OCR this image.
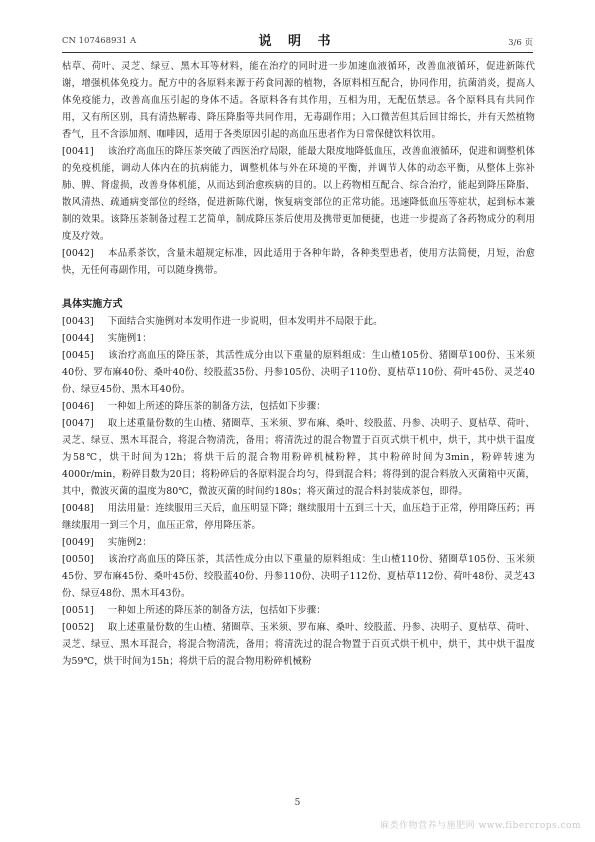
CN 107468931 A	说 明 书	3/6 页

枯草、荷叶、灵芝、绿豆、黑木耳等材料，能在治疗的同时进一步加速血液循环，改善血液循环，促进新陈代谢，增强机体免疫力。配方中的各原料来源于药食同源的植物，各原料相互配合，协同作用，抗菌消炎，提高人体免疫能力，改善高血压引起的身体不适。各原料各有其作用，互相为用，无配伍禁忌。各个原料具有共同作用，又有所区别，具有清热解毒、降压降脂等共同作用，无毒副作用；入口微苦但其后回甘绵长，并有天然植物香气，且不含添加剂、咖啡因，适用于各类原因引起的高血压患者作为日常保健饮料饮用。

[0041] 该治疗高血压的降压茶突破了西医治疗局限，能最大限度地降低血压，改善血液循环，促进和调整机体的免疫机能，调动人体内在的抗病能力，调整机体与外在环境的平衡，并调节人体的动态平衡，从整体上弥补肺、脾、肾虚损，改善身体机能，从而达到治愈疾病的目的。以上药物相互配合、综合治疗，能起到降压降脂、散风清热、疏通病变部位的经络，促进新陈代谢，恢复病变部位的正常功能。迅速降低血压等症状，起到标本兼制的效果。该降压茶制备过程工艺简单，制成降压茶后使用及携带更加便捷，也进一步提高了各药物成分的利用度及疗效。

[0042] 本品系茶饮，含量未超规定标准，因此适用于各种年龄，各种类型患者，使用方法简便，月短，治愈快，无任何毒副作用，可以随身携带。

具体实施方式

[0043] 下面结合实施例对本发明作进一步说明，但本发明并不局限于此。

[0044] 实施例1：

[0045] 该治疗高血压的降压茶，其活性成分由以下重量的原料组成：生山楂105份、猪圈草100份、玉米须40份、罗布麻40份、桑叶40份、绞股蓝35份、丹参105份、决明子110份、夏枯草110份、荷叶45份、灵芝40份、绿豆45份、黑木耳40份。

[0046] 一种如上所述的降压茶的制备方法，包括如下步骤：

[0047] 取上述重量份数的生山楂、猪圈草、玉米须、罗布麻、桑叶、绞股蓝、丹参、决明子、夏枯草、荷叶、灵芝、绿豆、黑木耳混合，将混合物清洗，备用；将清洗过的混合物置于百页式烘干机中，烘干，其中烘干温度为58℃，烘干时间为12h；将烘干后的混合物用粉碎机械粉粹，其中粉碎时间为3min，粉碎转速为4000r/min，粉碎目数为20目；将粉碎后的各原料混合均匀，得到混合料；将得到的混合料放入灭菌箱中灭菌，其中，微波灭菌的温度为80℃，微波灭菌的时间约180s；将灭菌过的混合料封装成茶包，即得。

[0048] 用法用量：连续服用三天后，血压明显下降；继续服用十五到三十天，血压趋于正常，停用降压药；再继续服用一到三个月，血压正常，停用降压茶。

[0049] 实施例2：

[0050] 该治疗高血压的降压茶，其活性成分由以下重量的原料组成：生山楂110份、猪圈草105份、玉米须45份、罗布麻45份、桑叶45份、绞股蓝40份、丹参110份、决明子112份、夏枯草112份、荷叶48份、灵芝43份、绿豆48份、黑木耳43份。

[0051] 一种如上所述的降压茶的制备方法，包括如下步骤：

[0052] 取上述重量份数的生山楂、猪圈草、玉米须、罗布麻、桑叶、绞股蓝、丹参、决明子、夏枯草、荷叶、灵芝、绿豆、黑木耳混合，将混合物清洗，备用；将清洗过的混合物置于百页式烘干机中，烘干，其中烘干温度为59℃，烘干时间为15h；将烘干后的混合物用粉碎机械粉

5
麻类作物营养与施肥网 www.fibercrops.com
